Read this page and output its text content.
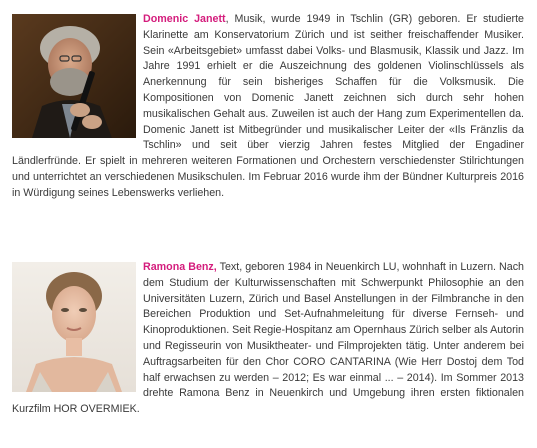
Domenic Janett, Musik, wurde 1949 in Tschlin (GR) geboren. Er studierte Klarinette am Konservatorium Zürich und ist seither freischaffender Musiker. Sein «Arbeitsgebiet» umfasst dabei Volks- und Blasmusik, Klassik und Jazz. Im Jahre 1991 erhielt er die Auszeichnung des goldenen Violinschlüssels als Anerkennung für sein bisheriges Schaffen für die Volksmusik. Die Kompositionen von Domenic Janett zeichnen sich durch sehr hohen musikalischen Gehalt aus. Zuweilen ist auch der Hang zum Experimentellen da. Domenic Janett ist Mitbegründer und musikalischer Leiter der «Ils Fränzlis da Tschlin» und seit über vierzig Jahren festes Mitglied der Engadiner Ländlerfründe. Er spielt in mehreren weiteren Formationen und Orchestern verschiedenster Stilrichtungen und unterrichtet an verschiedenen Musikschulen. Im Februar 2016 wurde ihm der Bündner Kulturpreis 2016 in Würdigung seines Lebenswerks verliehen.

Ramona Benz, Text, geboren 1984 in Neuenkirch LU, wohnhaft in Luzern. Nach dem Studium der Kulturwissenschaften mit Schwerpunkt Philosophie an den Universitäten Luzern, Zürich und Basel Anstellungen in der Filmbranche in den Bereichen Produktion und Set-Aufnahmeleitung für diverse Fernseh- und Kinoproduktionen. Seit Regie-Hospitanz am Opernhaus Zürich selber als Autorin und Regisseurin von Musiktheater- und Filmprojekten tätig. Unter anderem bei Auftragsarbeiten für den Chor CORO CANTARINA (Wie Herr Dostoj dem Tod half erwachsen zu werden – 2012; Es war einmal ... – 2014). Im Sommer 2013 drehte Ramona Benz in Neuenkirch und Umgebung ihren ersten fiktionalen Kurzfilm HOR OVERMIEK.
